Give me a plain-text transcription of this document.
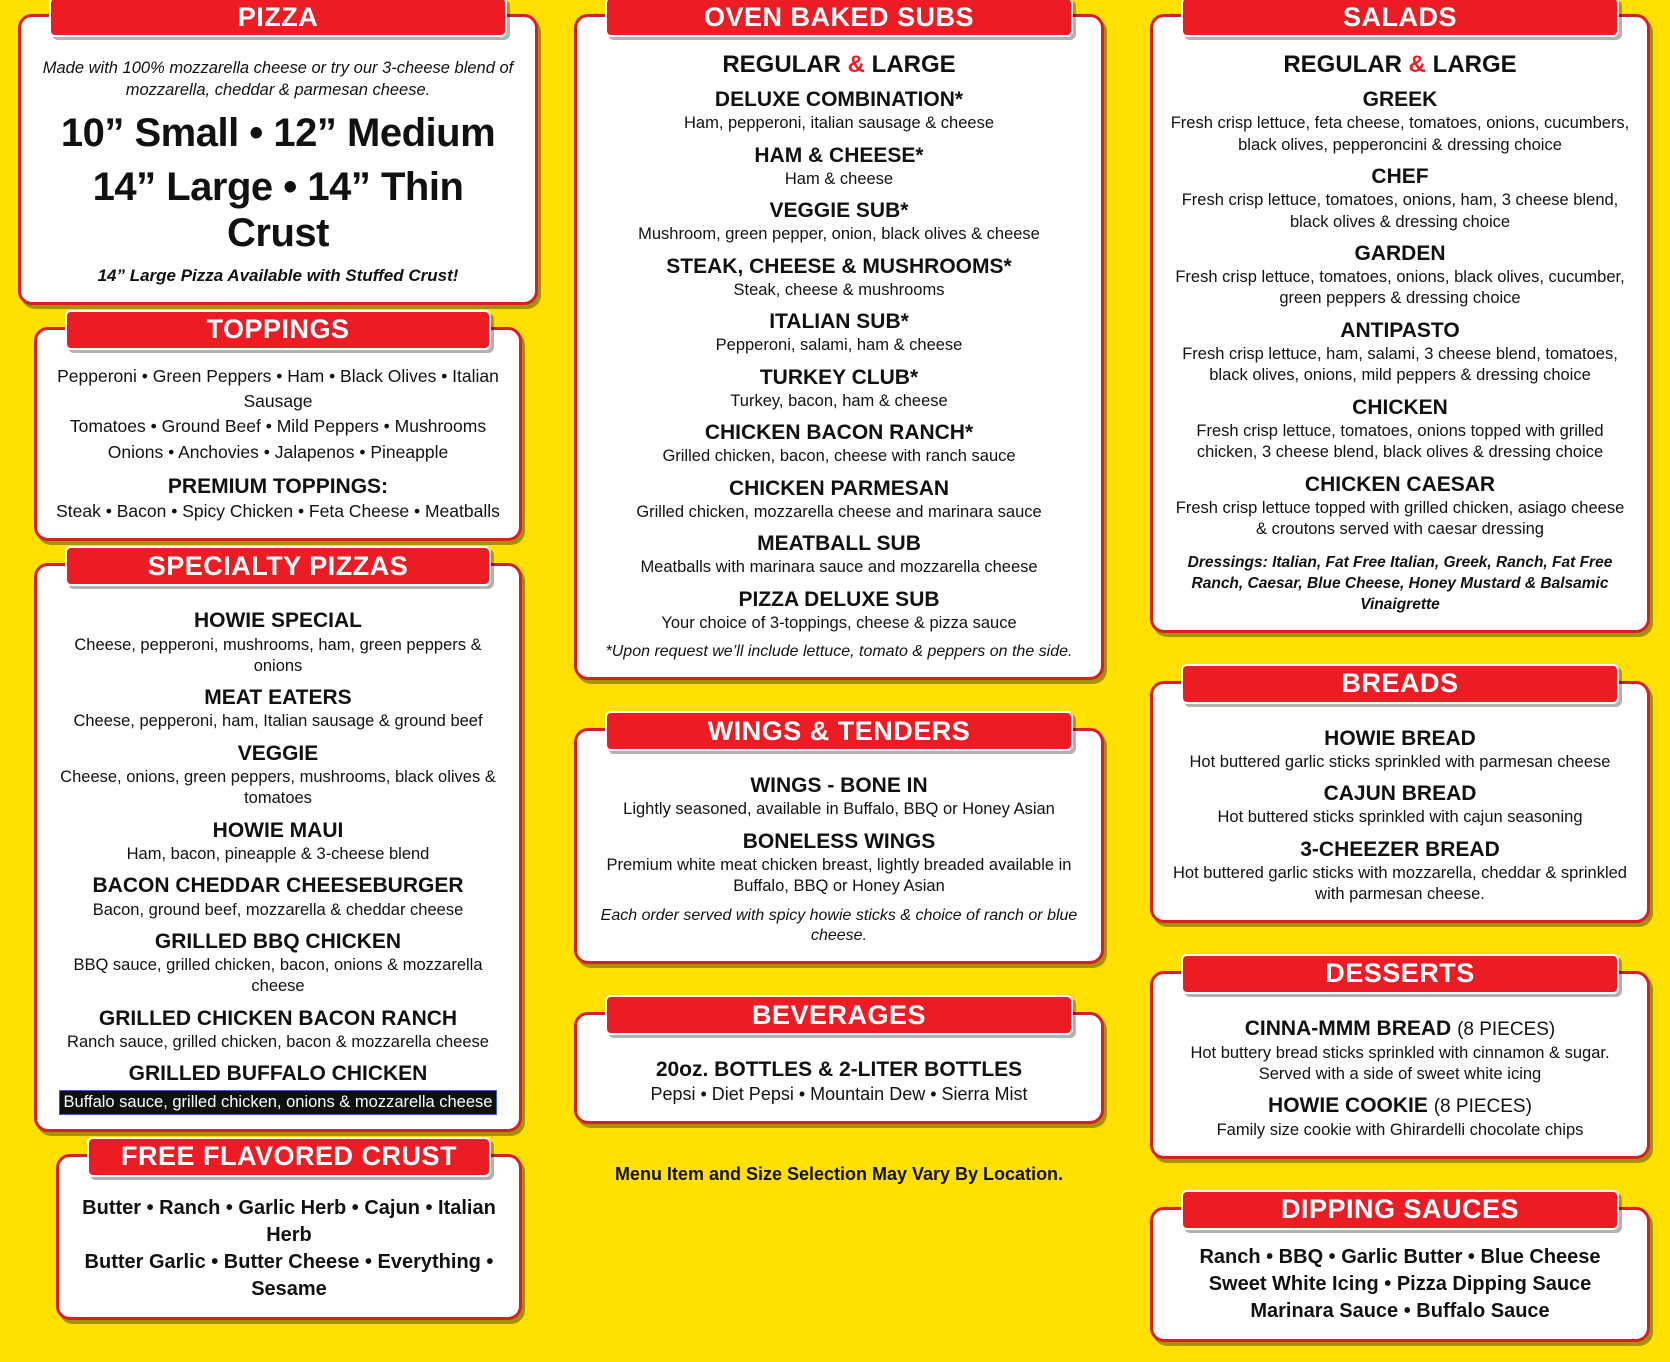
PIZZA
Made with 100% mozzarella cheese or try our 3-cheese blend of mozzarella, cheddar & parmesan cheese.
10” Small • 12” Medium
14” Large • 14” Thin Crust
14” Large Pizza Available with Stuffed Crust!
TOPPINGS
Pepperoni • Green Peppers • Ham • Black Olives • Italian Sausage
Tomatoes • Ground Beef • Mild Peppers • Mushrooms
Onions • Anchovies • Jalapenos • Pineapple
PREMIUM TOPPINGS:
Steak • Bacon • Spicy Chicken • Feta Cheese • Meatballs
SPECIALTY PIZZAS
HOWIE SPECIAL
Cheese, pepperoni, mushrooms, ham, green peppers & onions
MEAT EATERS
Cheese, pepperoni, ham, Italian sausage & ground beef
VEGGIE
Cheese, onions, green peppers, mushrooms, black olives & tomatoes
HOWIE MAUI
Ham, bacon, pineapple & 3-cheese blend
BACON CHEDDAR CHEESEBURGER
Bacon, ground beef, mozzarella & cheddar cheese
GRILLED BBQ CHICKEN
BBQ sauce, grilled chicken, bacon, onions & mozzarella cheese
GRILLED CHICKEN BACON RANCH
Ranch sauce, grilled chicken, bacon & mozzarella cheese
GRILLED BUFFALO CHICKEN
Buffalo sauce, grilled chicken, onions & mozzarella cheese
FREE FLAVORED CRUST
Butter • Ranch • Garlic Herb • Cajun • Italian Herb
Butter Garlic • Butter Cheese • Everything • Sesame
OVEN BAKED SUBS
REGULAR & LARGE
DELUXE COMBINATION*
Ham, pepperoni, italian sausage & cheese
HAM & CHEESE*
Ham & cheese
VEGGIE SUB*
Mushroom, green pepper, onion, black olives & cheese
STEAK, CHEESE & MUSHROOMS*
Steak, cheese & mushrooms
ITALIAN SUB*
Pepperoni, salami, ham & cheese
TURKEY CLUB*
Turkey, bacon, ham & cheese
CHICKEN BACON RANCH*
Grilled chicken, bacon, cheese with ranch sauce
CHICKEN PARMESAN
Grilled chicken, mozzarella cheese and marinara sauce
MEATBALL SUB
Meatballs with marinara sauce and mozzarella cheese
PIZZA DELUXE SUB
Your choice of 3-toppings, cheese & pizza sauce
*Upon request we’ll include lettuce, tomato & peppers on the side.
WINGS & TENDERS
WINGS - BONE IN
Lightly seasoned, available in Buffalo, BBQ or Honey Asian
BONELESS WINGS
Premium white meat chicken breast, lightly breaded available in Buffalo, BBQ or Honey Asian
Each order served with spicy howie sticks & choice of ranch or blue cheese.
BEVERAGES
20oz. BOTTLES & 2-LITER BOTTLES
Pepsi • Diet Pepsi • Mountain Dew • Sierra Mist
Menu Item and Size Selection May Vary By Location.
SALADS
REGULAR & LARGE
GREEK
Fresh crisp lettuce, feta cheese, tomatoes, onions, cucumbers, black olives, pepperoncini & dressing choice
CHEF
Fresh crisp lettuce, tomatoes, onions, ham, 3 cheese blend, black olives & dressing choice
GARDEN
Fresh crisp lettuce, tomatoes, onions, black olives, cucumber, green peppers & dressing choice
ANTIPASTO
Fresh crisp lettuce, ham, salami, 3 cheese blend, tomatoes, black olives, onions, mild peppers & dressing choice
CHICKEN
Fresh crisp lettuce, tomatoes, onions topped with grilled chicken, 3 cheese blend, black olives & dressing choice
CHICKEN CAESAR
Fresh crisp lettuce topped with grilled chicken, asiago cheese & croutons served with caesar dressing
Dressings: Italian, Fat Free Italian, Greek, Ranch, Fat Free Ranch, Caesar, Blue Cheese, Honey Mustard & Balsamic Vinaigrette
BREADS
HOWIE BREAD
Hot buttered garlic sticks sprinkled with parmesan cheese
CAJUN BREAD
Hot buttered sticks sprinkled with cajun seasoning
3-CHEEZER BREAD
Hot buttered garlic sticks with mozzarella, cheddar & sprinkled with parmesan cheese.
DESSERTS
CINNA-MMM BREAD (8 PIECES)
Hot buttery bread sticks sprinkled with cinnamon & sugar. Served with a side of sweet white icing
HOWIE COOKIE (8 PIECES)
Family size cookie with Ghirardelli chocolate chips
DIPPING SAUCES
Ranch • BBQ • Garlic Butter • Blue Cheese
Sweet White Icing • Pizza Dipping Sauce
Marinara Sauce • Buffalo Sauce
